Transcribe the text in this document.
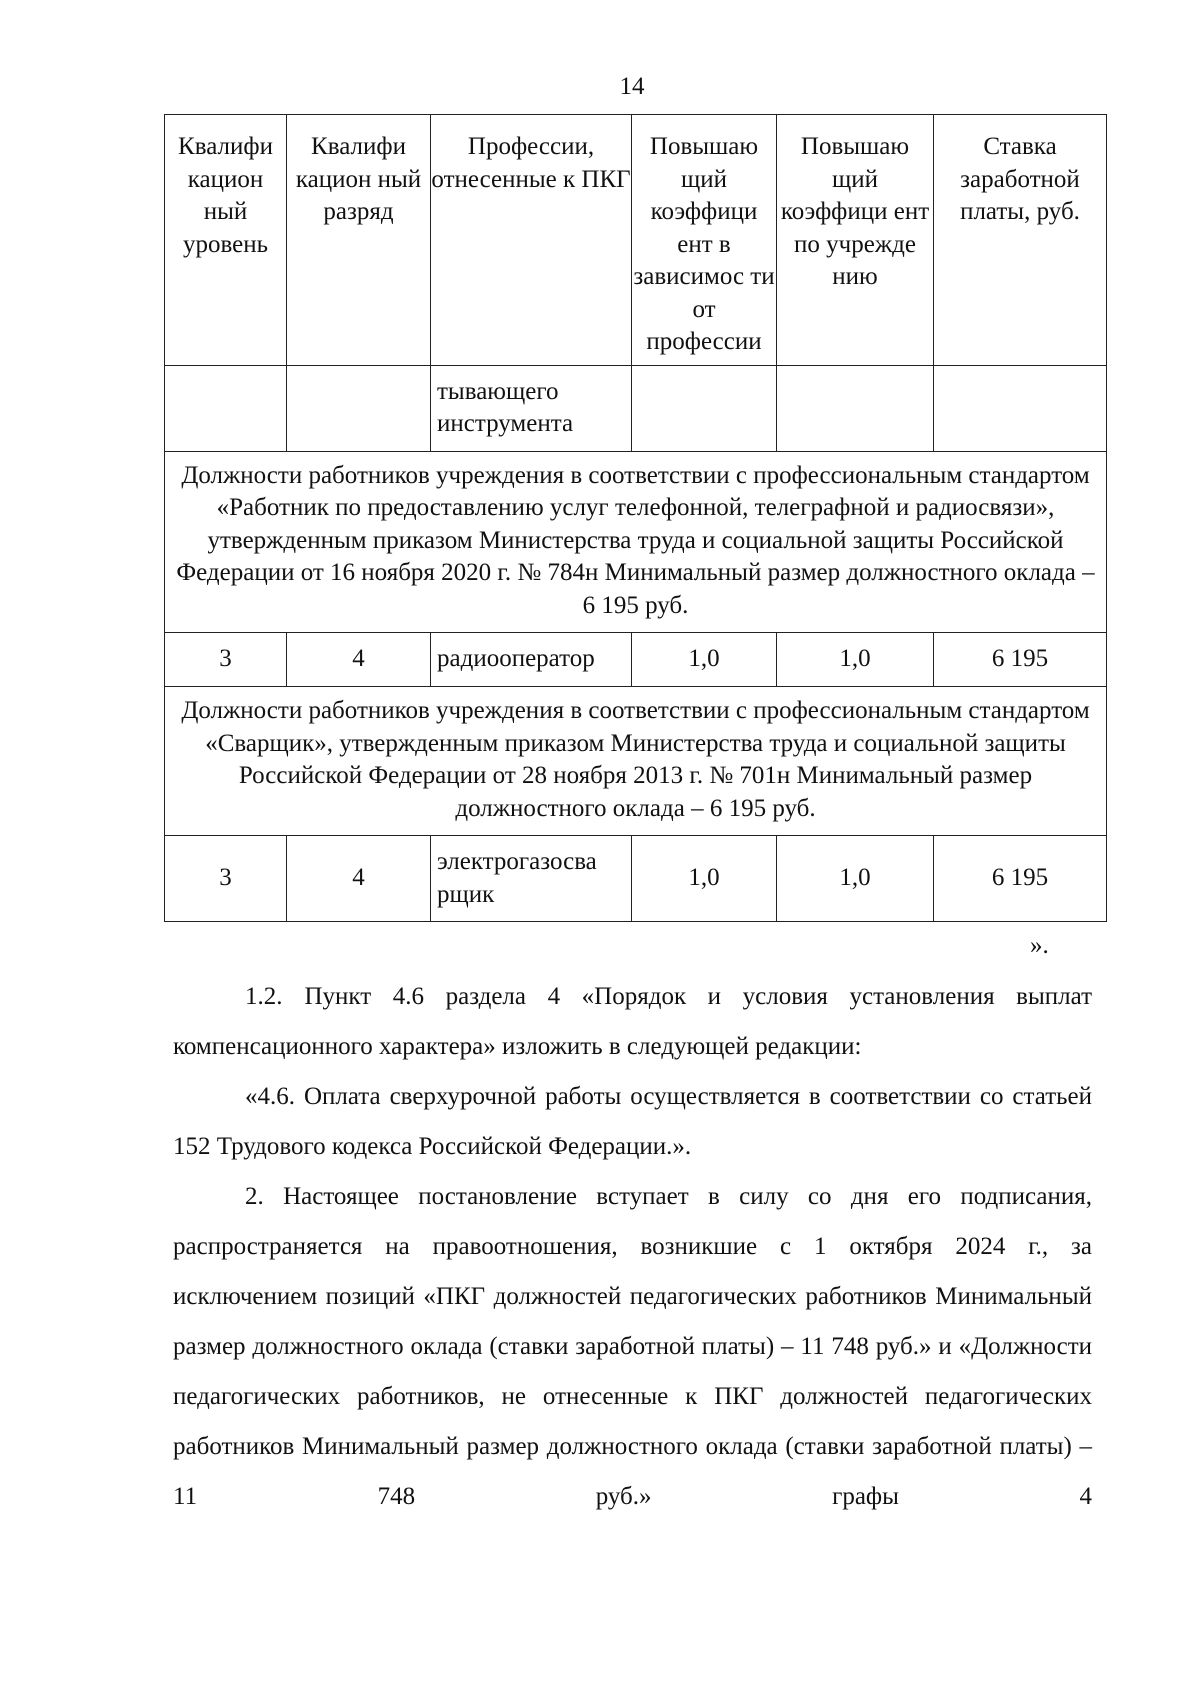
14
Квалифи кацион ный уровень	Квалифи кацион ный разряд	Профессии, отнесенные к ПКГ	Повышаю щий коэффици ент в зависимос ти от профессии	Повышаю щий коэффици ент по учрежде нию	Ставка заработной платы, руб.
		тывающего инструмента			
Должности работников учреждения в соответствии с профессиональным стандартом «Работник по предоставлению услуг телефонной, телеграфной и радиосвязи», утвержденным приказом Министерства труда и социальной защиты Российской Федерации от 16 ноября 2020 г. № 784н Минимальный размер должностного оклада – 6 195 руб.					
3	4	радиооператор	1,0	1,0	6 195
Должности работников учреждения в соответствии с профессиональным стандартом «Сварщик», утвержденным приказом Министерства труда и социальной защиты Российской Федерации от 28 ноября 2013 г. № 701н Минимальный размер должностного оклада – 6 195 руб.					
3	4	электрогазосва рщик	1,0	1,0	6 195
».

1.2. Пункт 4.6 раздела 4 «Порядок и условия установления выплат компенсационного характера» изложить в следующей редакции:

«4.6. Оплата сверхурочной работы осуществляется в соответствии со статьей 152 Трудового кодекса Российской Федерации.».

2. Настоящее постановление вступает в силу со дня его подписания, распространяется на правоотношения, возникшие с 1 октября 2024 г., за исключением позиций «ПКГ должностей педагогических работников Минимальный размер должностного оклада (ставки заработной платы) – 11 748 руб.» и «Должности педагогических работников, не отнесенные к ПКГ должностей педагогических работников Минимальный размер должностного оклада (ставки заработной платы) – 11 748 руб.» графы 4
